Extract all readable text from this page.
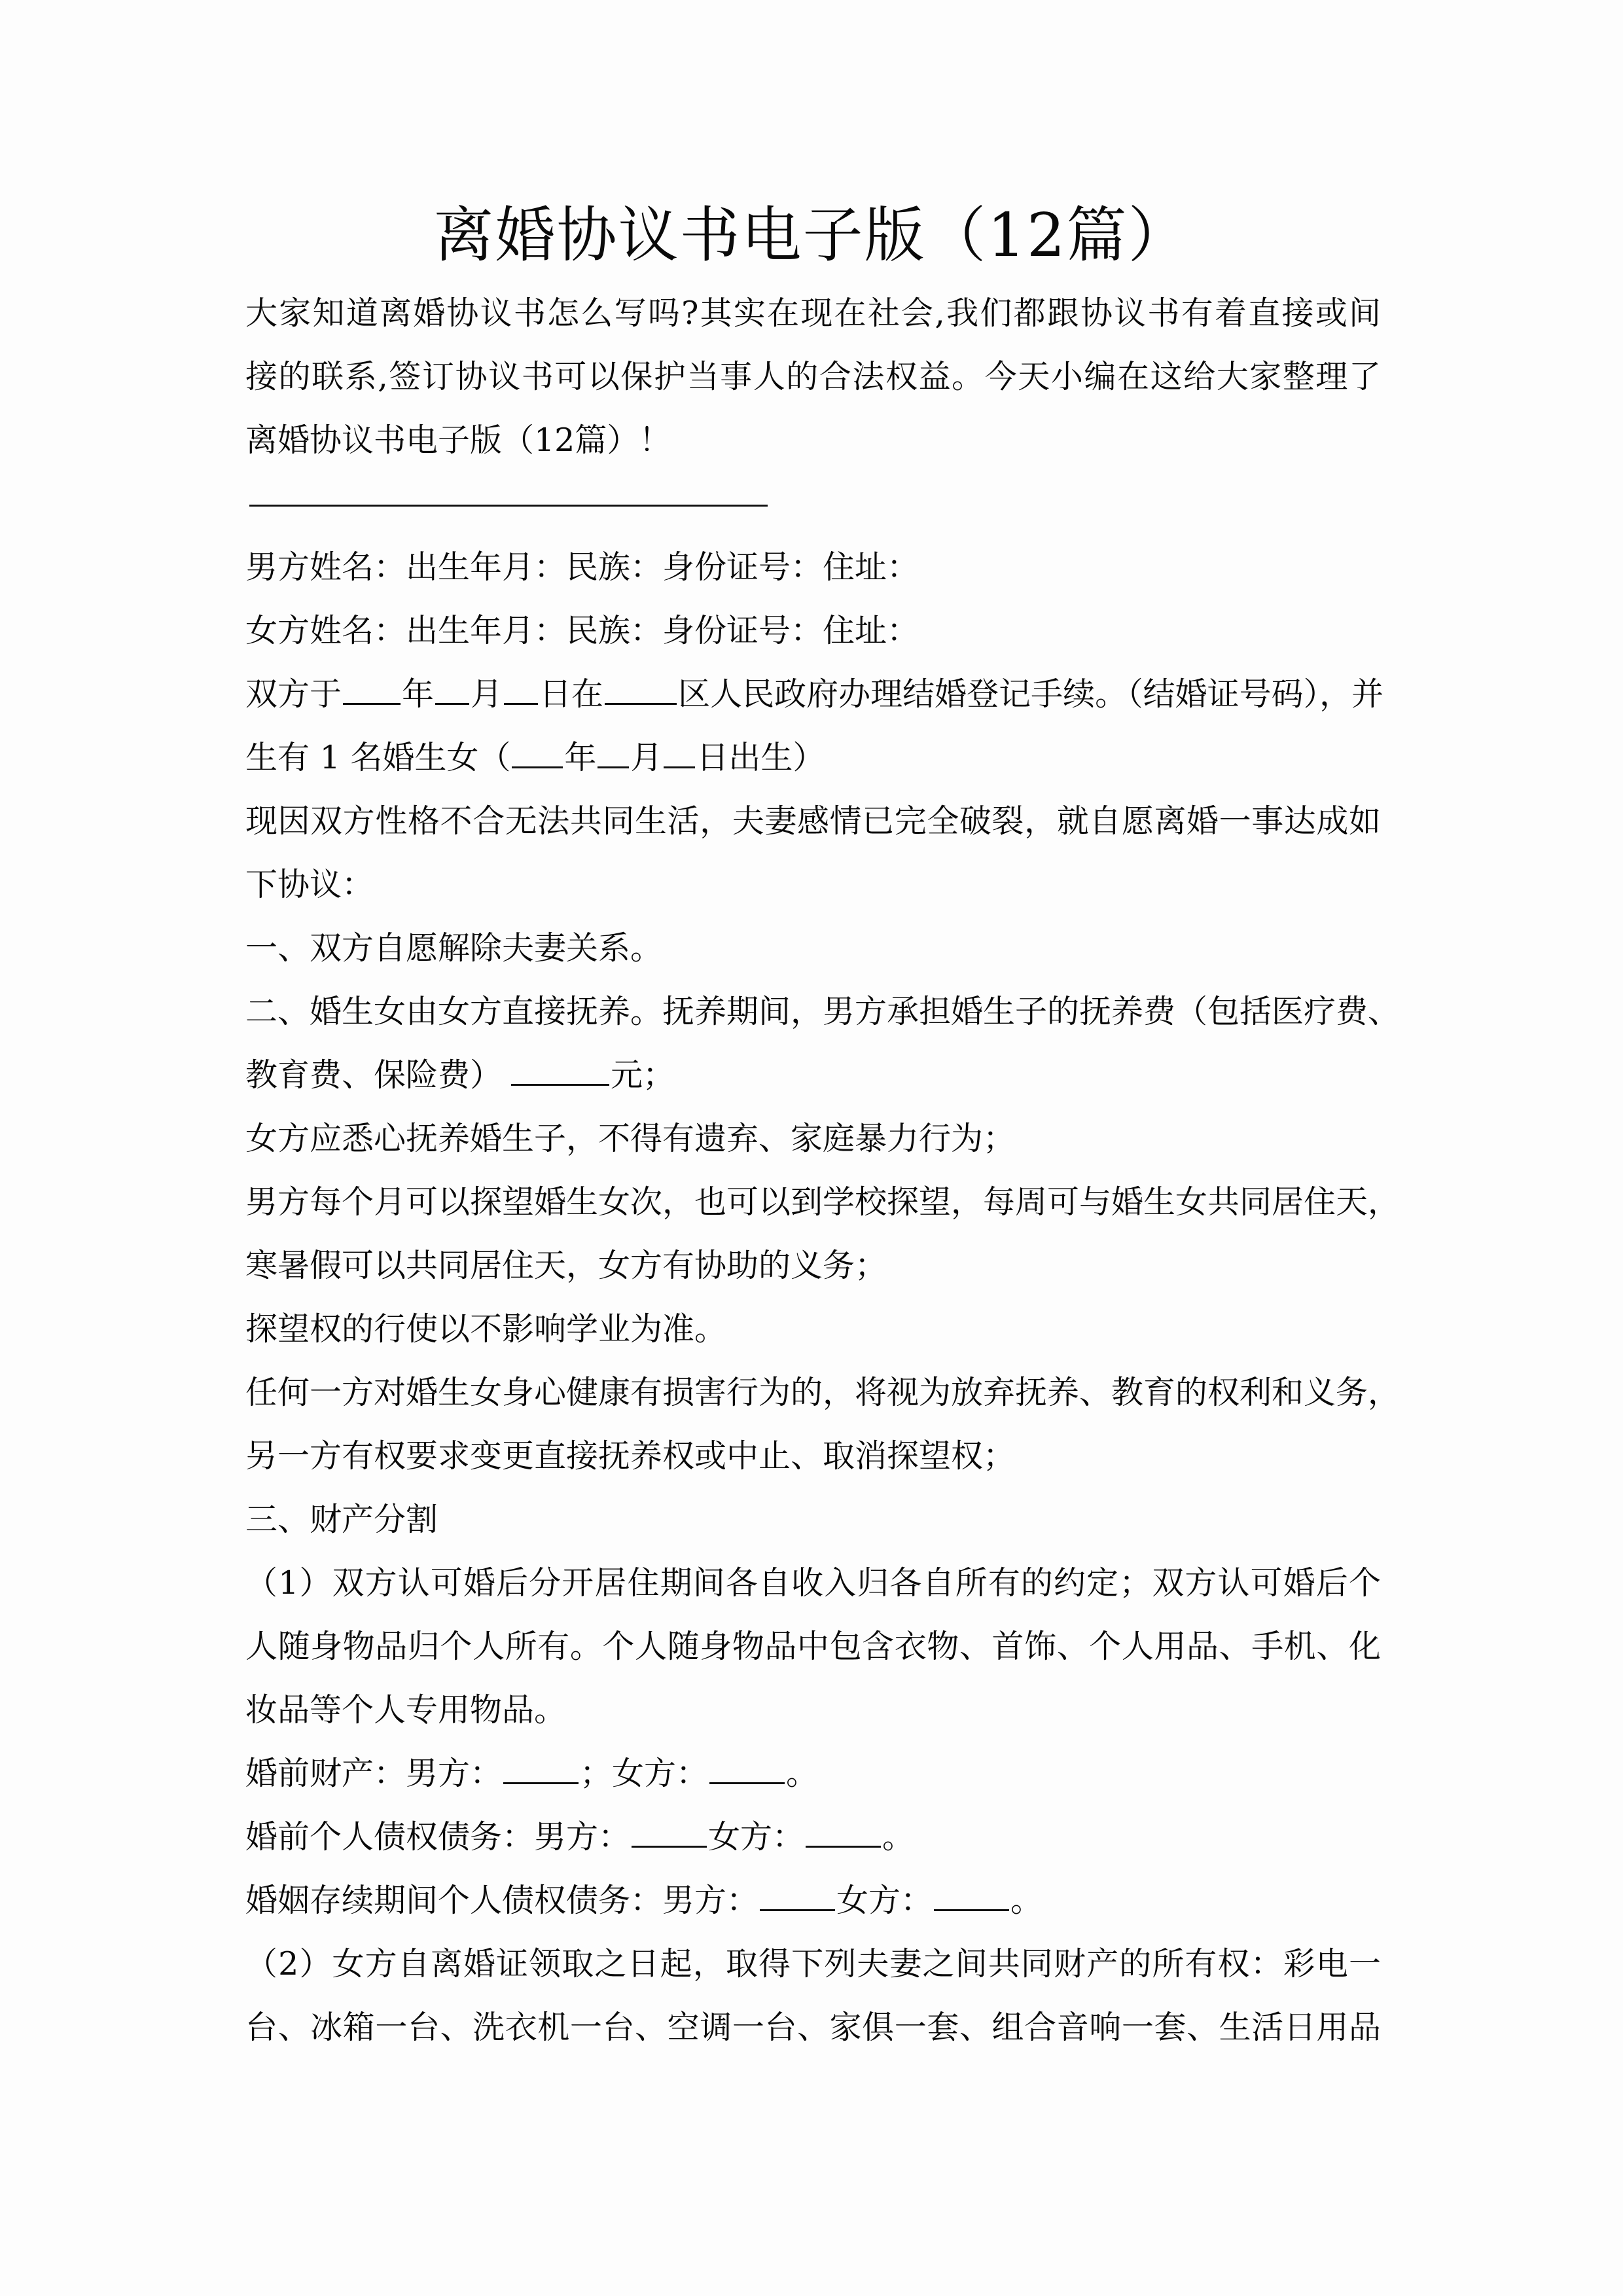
离婚协议书电子版（12篇）
大家知道离婚协议书怎么写吗?其实在现在社会,我们都跟协议书有着直接或间
接的联系,签订协议书可以保护当事人的合法权益。今天小编在这给大家整理了
离婚协议书电子版（12篇）！
男方姓名：出生年月：民族：身份证号：住址：
女方姓名：出生年月：民族：身份证号：住址：
双方于 年 月 日在 区人民政府办理结婚登记手续。（结婚证号码），并
生有 1 名婚生女（ 年 月 日出生）
现因双方性格不合无法共同生活，夫妻感情已完全破裂，就自愿离婚一事达成如
下协议：
一、双方自愿解除夫妻关系。
二、婚生女由女方直接抚养。抚养期间，男方承担婚生子的抚养费（包括医疗费、
教育费、保险费）	元；
女方应悉心抚养婚生子，不得有遗弃、家庭暴力行为；
男方每个月可以探望婚生女次，也可以到学校探望，每周可与婚生女共同居住天，
寒暑假可以共同居住天，女方有协助的义务；
探望权的行使以不影响学业为准。
任何一方对婚生女身心健康有损害行为的，将视为放弃抚养、教育的权利和义务，
另一方有权要求变更直接抚养权或中止、取消探望权；
三、财产分割
（1）双方认可婚后分开居住期间各自收入归各自所有的约定；双方认可婚后个
人随身物品归个人所有。个人随身物品中包含衣物、首饰、个人用品、手机、化
妆品等个人专用物品。
婚前财产：男方： ；女方： 。
婚前个人债权债务：男方： 女方： 。
婚姻存续期间个人债权债务：男方： 女方： 。
（2）女方自离婚证领取之日起，取得下列夫妻之间共同财产的所有权：彩电一
台、冰箱一台、洗衣机一台、空调一台、家俱一套、组合音响一套、生活日用品
